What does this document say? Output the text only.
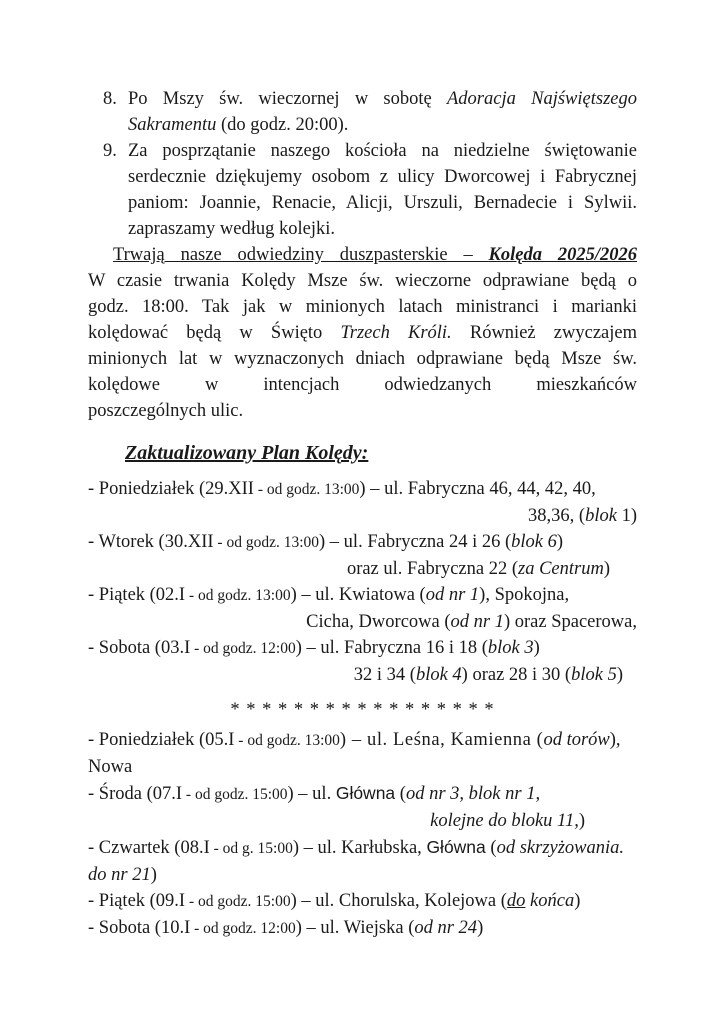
8. Po Mszy św. wieczornej w sobotę Adoracja Najświętszego
Sakramentu (do godz. 20:00).
9. Za posprzątanie naszego kościoła na niedzielne świętowanie
serdecznie dziękujemy osobom z ulicy Dworcowej i Fabrycznej
paniom: Joannie, Renacie, Alicji, Urszuli, Bernadecie i Sylwii.
zapraszamy według kolejki.
Trwają nasze odwiedziny duszpasterskie – Kolęda 2025/2026
W czasie trwania Kolędy Msze św. wieczorne odprawiane będą o
godz. 18:00. Tak jak w minionych latach ministranci i marianki
kolędować będą w Święto Trzech Króli. Również zwyczajem
minionych lat w wyznaczonych dniach odprawiane będą Msze św.
kolędowe w intencjach odwiedzanych mieszkańców
poszczególnych ulic.
Zaktualizowany Plan Kolędy:
- Poniedziałek (29.XII - od godz. 13:00) – ul. Fabryczna 46, 44, 42, 40,
38,36, (blok 1)
- Wtorek (30.XII - od godz. 13:00) – ul. Fabryczna 24 i 26 (blok 6)
oraz ul. Fabryczna 22 (za Centrum)
- Piątek (02.I - od godz. 13:00) – ul. Kwiatowa (od nr 1), Spokojna,
Cicha, Dworcowa (od nr 1) oraz Spacerowa,
- Sobota (03.I - od godz. 12:00) – ul. Fabryczna 16 i 18 (blok 3)
32 i 34 (blok 4) oraz 28 i 30 (blok 5)
* * * * * * * * * * * * * * * * *
- Poniedziałek (05.I - od godz. 13:00) – ul. Leśna, Kamienna (od torów),
Nowa
- Środa (07.I - od godz. 15:00) – ul. Główna (od nr 3, blok nr 1,
kolejne do bloku 11,)
- Czwartek (08.I - od g. 15:00) – ul. Karłubska, Główna (od skrzyżowania.
do nr 21)
- Piątek (09.I - od godz. 15:00) – ul. Chorulska, Kolejowa (do końca)
- Sobota (10.I - od godz. 12:00) – ul. Wiejska (od nr 24)
